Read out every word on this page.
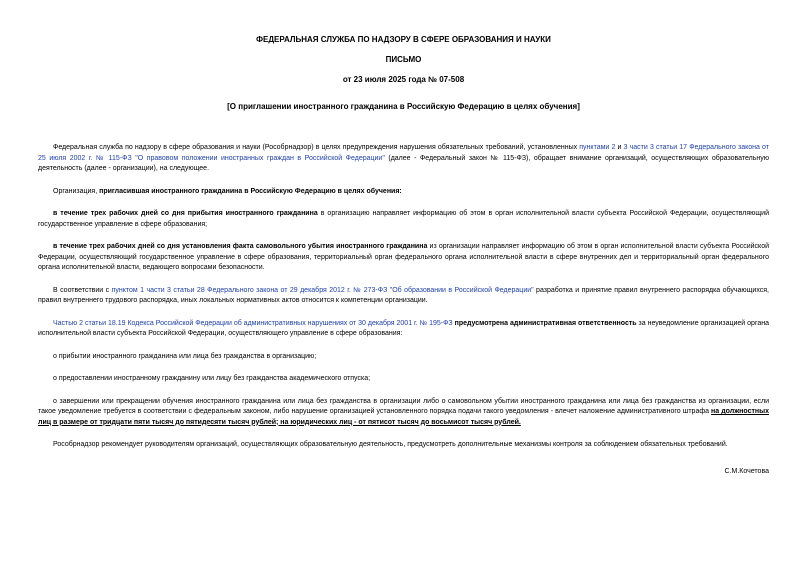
ФЕДЕРАЛЬНАЯ СЛУЖБА ПО НАДЗОРУ В СФЕРЕ ОБРАЗОВАНИЯ И НАУКИ
ПИСЬМО
от 23 июля 2025 года № 07-508
[О приглашении иностранного гражданина в Российскую Федерацию в целях обучения]

Федеральная служба по надзору в сфере образования и науки (Рособрнадзор) в целях предупреждения нарушения обязательных требований, установленных пунктами 2 и 3 части 3 статьи 17 Федерального закона от 25 июля 2002 г. № 115-ФЗ "О правовом положении иностранных граждан в Российской Федерации" (далее - Федеральный закон № 115-ФЗ), обращает внимание организаций, осуществляющих образовательную деятельность (далее - организации), на следующее.

Организация, пригласившая иностранного гражданина в Российскую Федерацию в целях обучения:

в течение трех рабочих дней со дня прибытия иностранного гражданина в организацию направляет информацию об этом в орган исполнительной власти субъекта Российской Федерации, осуществляющий государственное управление в сфере образования;

в течение трех рабочих дней со дня установления факта самовольного убытия иностранного гражданина из организации направляет информацию об этом в орган исполнительной власти субъекта Российской Федерации, осуществляющий государственное управление в сфере образования, территориальный орган федерального органа исполнительной власти в сфере внутренних дел и территориальный орган федерального органа исполнительной власти, ведающего вопросами безопасности.

В соответствии с пунктом 1 части 3 статьи 28 Федерального закона от 29 декабря 2012 г. № 273-ФЗ "Об образовании в Российской Федерации" разработка и принятие правил внутреннего распорядка обучающихся, правил внутреннего трудового распорядка, иных локальных нормативных актов относится к компетенции организации.

Частью 2 статьи 18.19 Кодекса Российской Федерации об административных нарушениях от 30 декабря 2001 г. № 195-ФЗ предусмотрена административная ответственность за неуведомление организацией органа исполнительной власти субъекта Российской Федерации, осуществляющего управление в сфере образования:

о прибытии иностранного гражданина или лица без гражданства в организацию;

о предоставлении иностранному гражданину или лицу без гражданства академического отпуска;

о завершении или прекращении обучения иностранного гражданина или лица без гражданства в организации либо о самовольном убытии иностранного гражданина или лица без гражданства из организации, если такое уведомление требуется в соответствии с федеральным законом, либо нарушение организацией установленного порядка подачи такого уведомления - влечет наложение административного штрафа на должностных лиц в размере от тридцати пяти тысяч до пятидесяти тысяч рублей; на юридических лиц - от пятисот тысяч до восьмисот тысяч рублей.

Рособрнадзор рекомендует руководителям организаций, осуществляющих образовательную деятельность, предусмотреть дополнительные механизмы контроля за соблюдением обязательных требований.

С.М.Кочетова
